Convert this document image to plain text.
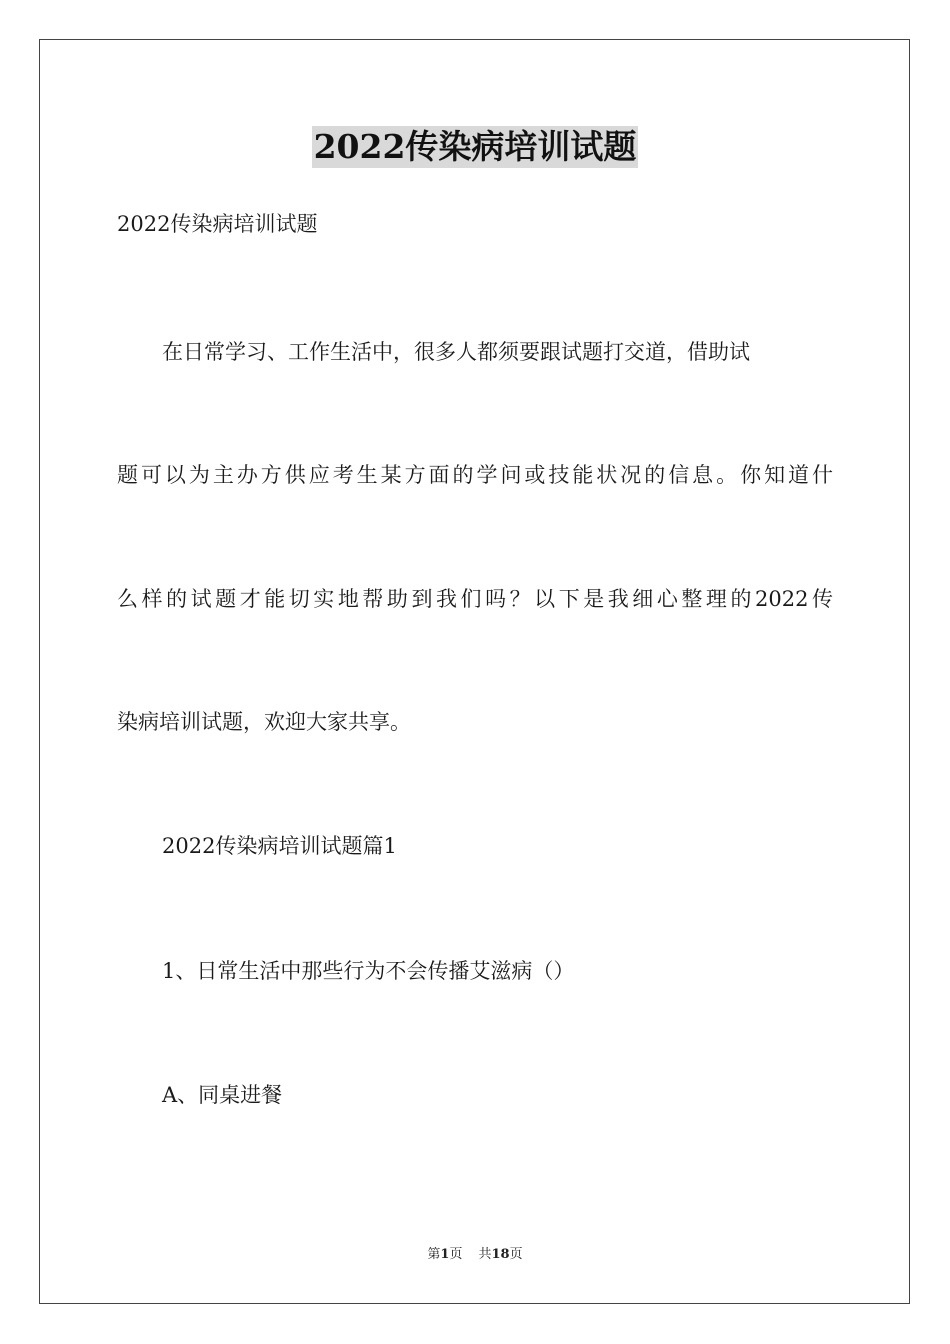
2022传染病培训试题
2022传染病培训试题
在日常学习、工作生活中，很多人都须要跟试题打交道，借助试
题可以为主办方供应考生某方面的学问或技能状况的信息。你知道什
么样的试题才能切实地帮助到我们吗？以下是我细心整理的2022传
染病培训试题，欢迎大家共享。
2022传染病培训试题篇1
1、日常生活中那些行为不会传播艾滋病（）
A、同桌进餐
第1页 共18页
